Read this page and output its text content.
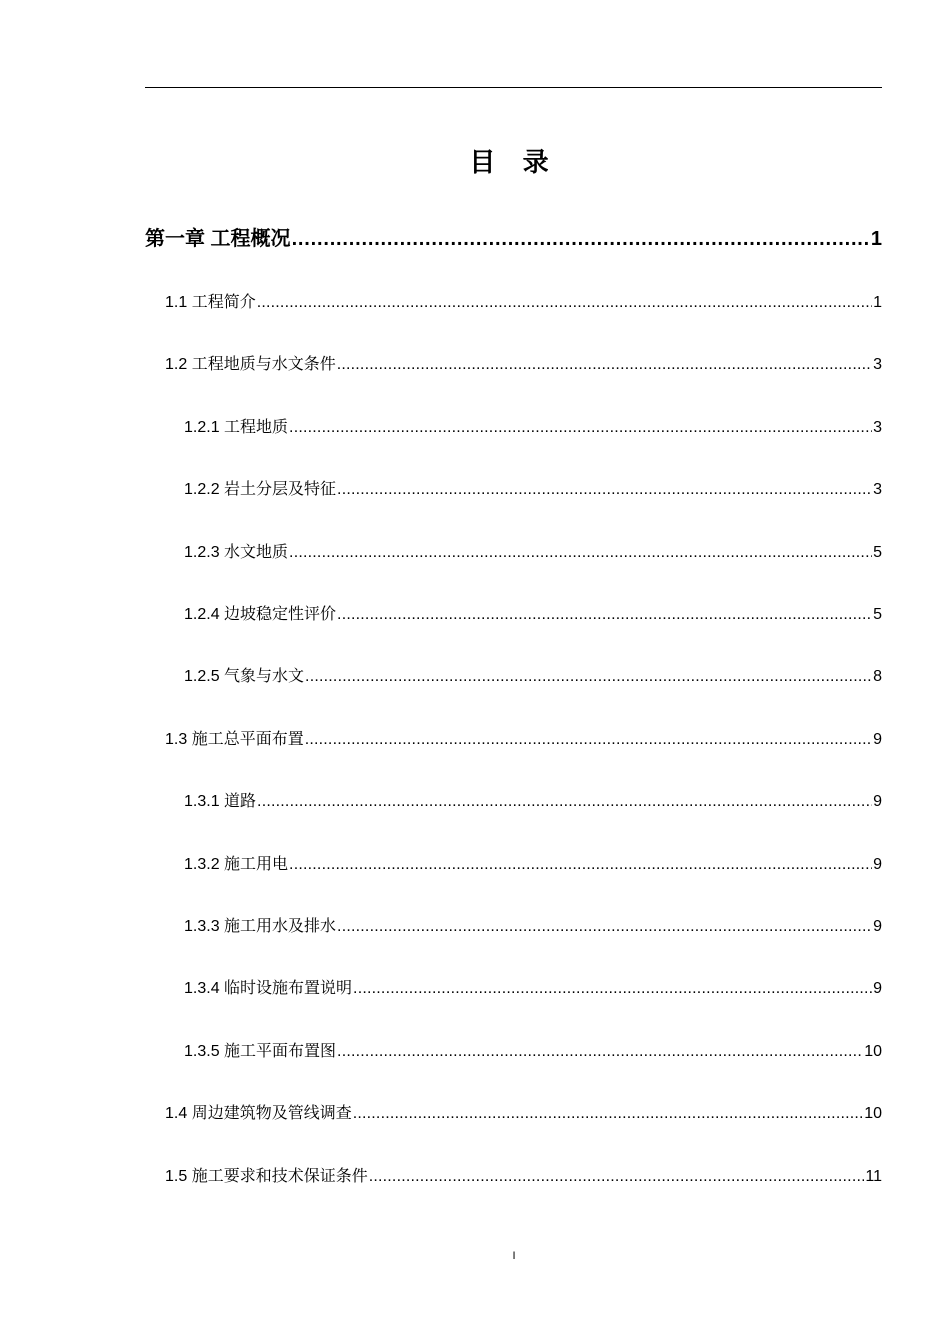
目 录
第一章 工程概况 .....	1
1.1 工程简介 .....	1
1.2 工程地质与水文条件 .....	3
1.2.1 工程地质 .....	3
1.2.2 岩土分层及特征 .....	3
1.2.3 水文地质 .....	5
1.2.4 边坡稳定性评价 .....	5
1.2.5 气象与水文 .....	8
1.3 施工总平面布置 .....	9
1.3.1 道路 .....	9
1.3.2 施工用电 .....	9
1.3.3 施工用水及排水 .....	9
1.3.4 临时设施布置说明 .....	9
1.3.5 施工平面布置图 .....	10
1.4 周边建筑物及管线调查 .....	10
1.5 施工要求和技术保证条件 .....	11
I
